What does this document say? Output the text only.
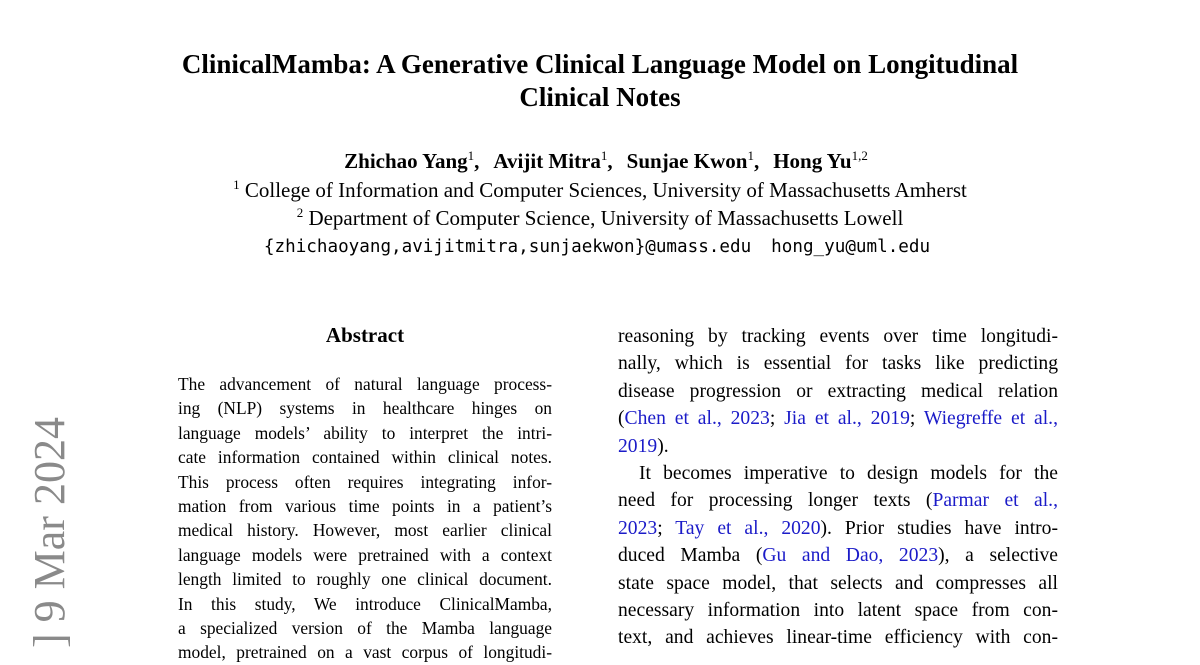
ClinicalMamba: A Generative Clinical Language Model on Longitudinal
Clinical Notes
Zhichao Yang$^1$, Avijit Mitra$^1$, Sunjae Kwon$^1$, Hong Yu$^{1,2}$
$^1$ College of Information and Computer Sciences, University of Massachusetts Amherst
$^2$ Department of Computer Science, University of Massachusetts Lowell
{zhichaoyang,avijitmitra,sunjaekwon}@umass.edu hong_yu@uml.edu
Abstract
The advancement of natural language process-
ing (NLP) systems in healthcare hinges on
language models’ ability to interpret the intri-
cate information contained within clinical notes.
This process often requires integrating infor-
mation from various time points in a patient’s
medical history. However, most earlier clinical
language models were pretrained with a context
length limited to roughly one clinical document.
In this study, We introduce ClinicalMamba,
a specialized version of the Mamba language
model, pretrained on a vast corpus of longitudi-
reasoning by tracking events over time longitudi-
nally, which is essential for tasks like predicting
disease progression or extracting medical relation
(Chen et al., 2023; Jia et al., 2019; Wiegreffe et al.,
2019).
It becomes imperative to design models for the
need for processing longer texts (Parmar et al.,
2023; Tay et al., 2020). Prior studies have intro-
duced Mamba (Gu and Dao, 2023), a selective
state space model, that selects and compresses all
necessary information into latent space from con-
text, and achieves linear-time efficiency with con-
] 9 Mar 2024
